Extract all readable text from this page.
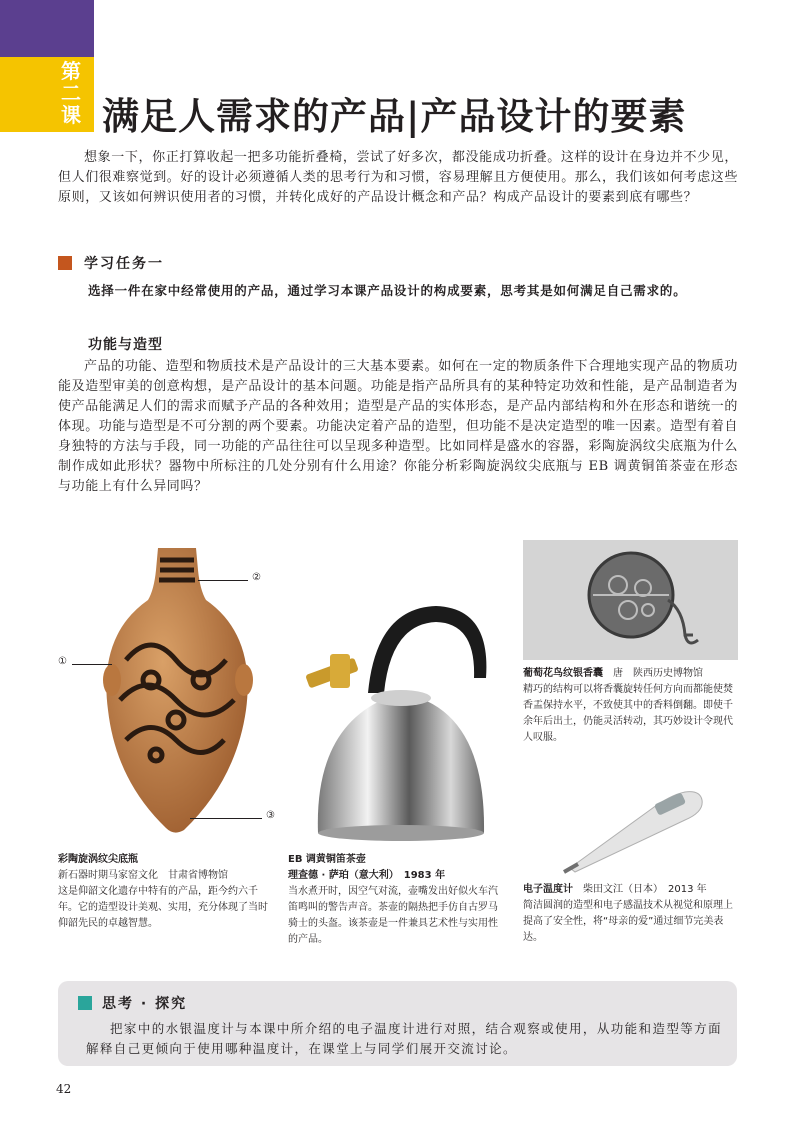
第二课 满足人需求的产品|产品设计的要素

想象一下，你正打算收起一把多功能折叠椅，尝试了好多次，都没能成功折叠。这样的设计在身边并不少见，但人们很难察觉到。好的设计必须遵循人类的思考行为和习惯，容易理解且方便使用。那么，我们该如何考虑这些原则，又该如何辨识使用者的习惯，并转化成好的产品设计概念和产品？构成产品设计的要素到底有哪些？

学习任务一
选择一件在家中经常使用的产品，通过学习本课产品设计的构成要素，思考其是如何满足自己需求的。
功能与造型

产品的功能、造型和物质技术是产品设计的三大基本要素。如何在一定的物质条件下合理地实现产品的物质功能及造型审美的创意构想，是产品设计的基本问题。功能是指产品所具有的某种特定功效和性能，是产品制造者为使产品能满足人们的需求而赋予产品的各种效用；造型是产品的实体形态，是产品内部结构和外在形态和谐统一的体现。功能与造型是不可分割的两个要素。功能决定着产品的造型，但功能不是决定造型的唯一因素。造型有着自身独特的方法与手段，同一功能的产品往往可以呈现多种造型。比如同样是盛水的容器，彩陶旋涡纹尖底瓶为什么制作成如此形状？器物中所标注的几处分别有什么用途？你能分析彩陶旋涡纹尖底瓶与 EB 调黄铜笛茶壶在形态与功能上有什么异同吗？

②
①
③
彩陶旋涡纹尖底瓶
新石器时期马家窑文化　甘肃省博物馆
这是仰韶文化遗存中特有的产品，距今约六千年。它的造型设计美观、实用，充分体现了当时仰韶先民的卓越智慧。
EB 调黄铜笛茶壶
理查德 · 萨珀（意大利）　1983 年
当水煮开时，因空气对流，壶嘴发出好似火车汽笛鸣叫的警告声音。茶壶的隔热把手仿自古罗马骑士的头盔。该茶壶是一件兼具艺术性与实用性的产品。
葡萄花鸟纹银香囊　 唐　陕西历史博物馆
精巧的结构可以将香囊旋转任何方向而都能使焚香盂保持水平，不致使其中的香料倒翻。即使千余年后出土，仍能灵活转动，其巧妙设计令现代人叹服。
电子温度计　 柴田文江（日本）　2013 年
简洁圆润的造型和电子感温技术从视觉和原理上提高了安全性，将“母亲的爱”通过细节完美表达。
思考 · 探究

把家中的水银温度计与本课中所介绍的电子温度计进行对照，结合观察或使用，从功能和造型等方面解释自己更倾向于使用哪种温度计，在课堂上与同学们展开交流讨论。

42
